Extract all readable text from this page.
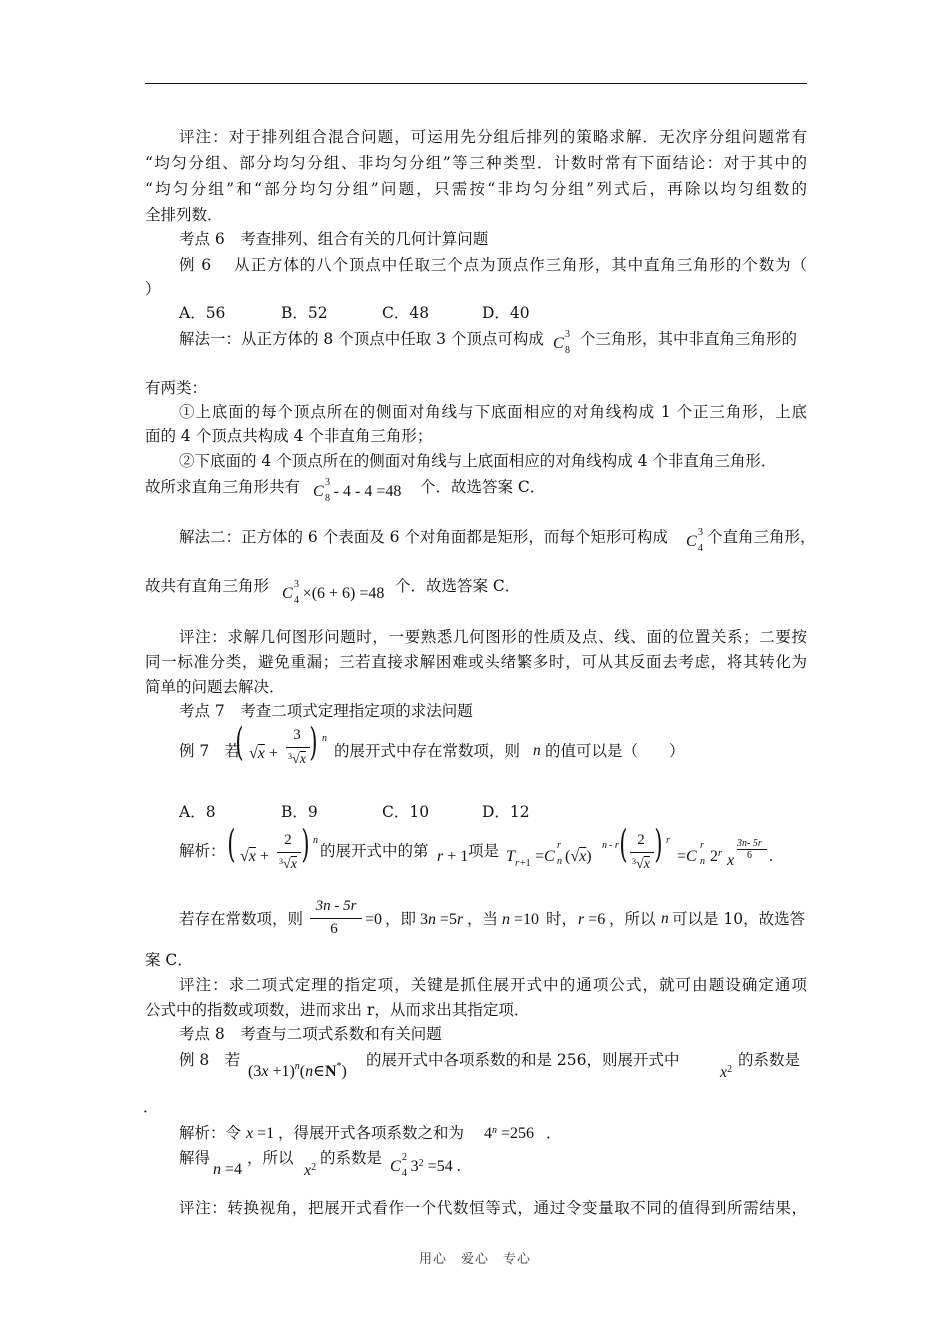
评注：对于排列组合混合问题，可运用先分组后排列的策略求解．无次序分组问题常有
“均匀分组、部分均匀分组、非均匀分组”等三种类型．计数时常有下面结论：对于其中的
“均匀分组”和“部分均匀分组”问题，只需按“非均匀分组”列式后，再除以均匀组数的
全排列数．
考点 6　考查排列、组合有关的几何计算问题
例 6　 从正方体的八个顶点中任取三个点为顶点作三角形，其中直角三角形的个数为（
）
A．56	B．52	C．48	D．40
解法一：从正方体的 8 个顶点中任取 3 个顶点可构成 C
3
8
个三角形，其中非直角三角形的
有两类：
①上底面的每个顶点所在的侧面对角线与下底面相应的对角线构成 1 个正三角形，上底
面的 4 个顶点共构成 4 个非直角三角形；
②下底面的 4 个顶点所在的侧面对角线与上底面相应的对角线构成 4 个非直角三角形．
故所求直角三角形共有 C
3
8 - 4 - 4 =48 个．故选答案 C．
解法二：正方体的 6 个表面及 6 个对角面都是矩形，而每个矩形可构成 C
3
4
个直角三角形，
故共有直角三角形 C
3
4 ×(6 + 6) =48 个．故选答案 C．
评注：求解几何图形问题时，一要熟悉几何图形的性质及点、线、面的位置关系；二要按
同一标准分类，避免重漏；三若直接求解困难或头绪繁多时，可从其反面去考虑，将其转化为
简单的问题去解决．
考点 7　考查二项式定理指定项的求法问题
例 7　若
( √x +
3
$^3$√x ) n
的展开式中存在常数项，则 n 的值可以是（　　）
A．8	B．9	C．10	D．12
解析： ( √x +
2
$^3$√x ) n
的展开式中的第 r + 1 项是 T r +1 =C
r
n (√x)
n - r ( 2
$^3$√x ) r
=C
r
n 2$^r$ x
3n- 5r
6 .
若存在常数项，则
3n - 5r
6
=0 ，即 3n =5r ，当 n =10 时， r =6 ，所以 n 可以是 10，故选答
案 C．
评注：求二项式定理的指定项，关键是抓住展开式中的通项公式，就可由题设确定通项
公式中的指数或项数，进而求出 r，从而求出其指定项．
考点 8　考查与二项式系数和有关问题
例 8　若
$(3x +1)^n(n\in N^*)$
的展开式中各项系数的和是 256，则展开式中
$x^2$
的系数是
．
解析：令 x =1 ，得展开式各项系数之和为 $4^n =256$ ．
解得
n =4
，所以
$x^2$
的系数是 C
2
4 $3^2 =54$ .
评注：转换视角，把展开式看作一个代数恒等式，通过令变量取不同的值得到所需结果，
用心　爱心　专心
